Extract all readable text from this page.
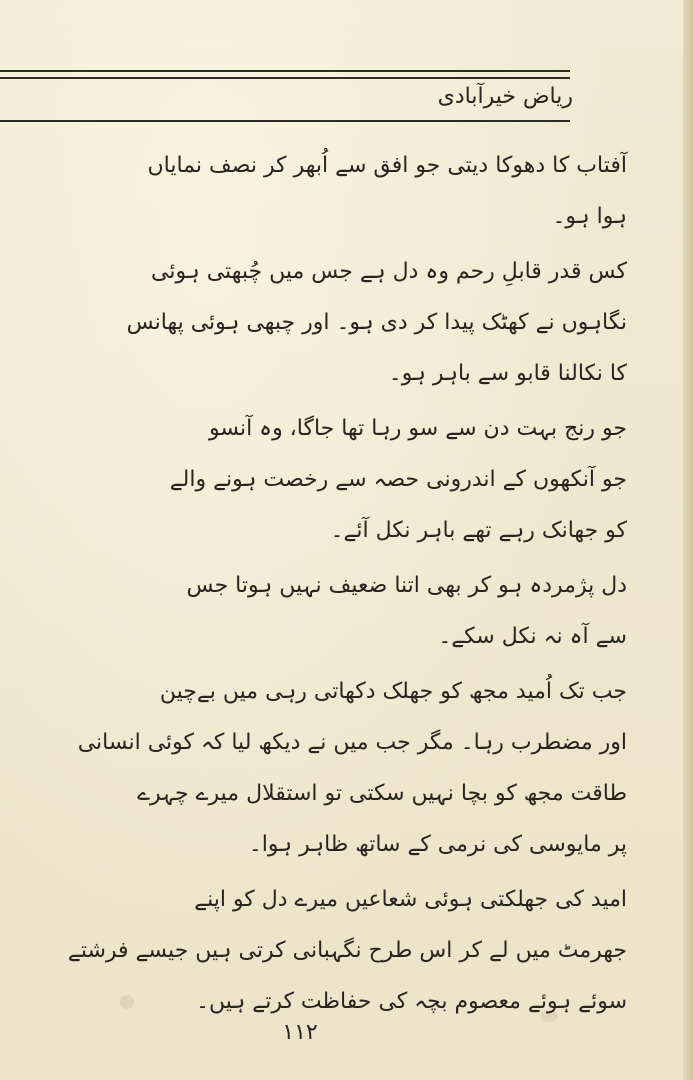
ریاض خیرآبادی
آفتاب کا دھوکا دیتی جو افق سے اُبھر کر نصف نمایاں
ہوا ہو۔
کس قدر قابلِ رحم وہ دل ہے جس میں چُبھتی ہوئی
نگاہوں نے کھٹک پیدا کر دی ہو۔ اور چبھی ہوئی پھانس
کا نکالنا قابو سے باہر ہو۔
جو رنج بہت دن سے سو رہا تھا جاگا، وہ آنسو
جو آنکھوں کے اندرونی حصہ سے رخصت ہونے والے
کو جھانک رہے تھے باہر نکل آئے۔
دل پژمردہ ہو کر بھی اتنا ضعیف نہیں ہوتا جس
سے آہ نہ نکل سکے۔
جب تک اُمید مجھ کو جھلک دکھاتی رہی میں بےچین
اور مضطرب رہا۔ مگر جب میں نے دیکھ لیا کہ کوئی انسانی
طاقت مجھ کو بچا نہیں سکتی تو استقلال میرے چہرے
پر مایوسی کی نرمی کے ساتھ ظاہر ہوا۔
امید کی جھلکتی ہوئی شعاعیں میرے دل کو اپنے
جھرمٹ میں لے کر اس طرح نگہبانی کرتی ہیں جیسے فرشتے
سوئے ہوئے معصوم بچہ کی حفاظت کرتے ہیں۔
۱۱۲
